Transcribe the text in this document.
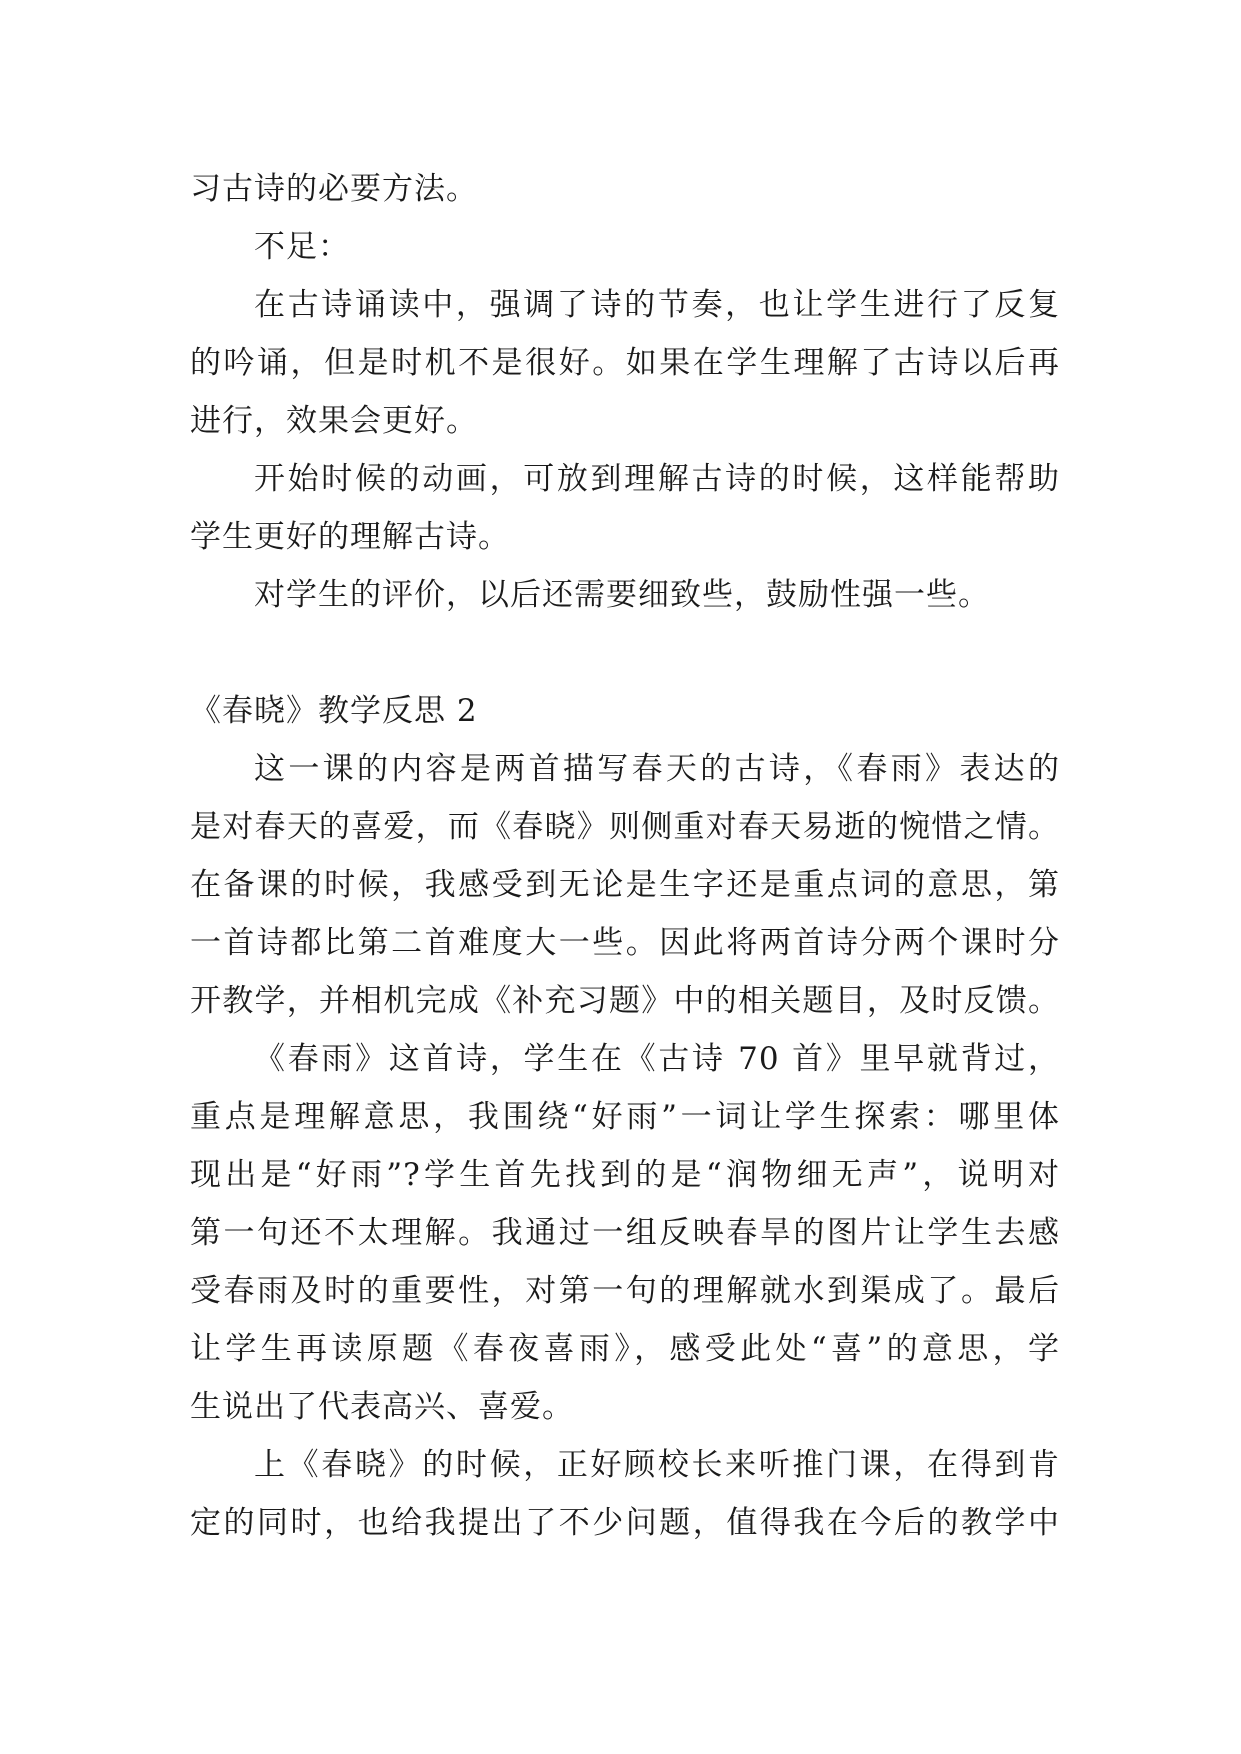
习古诗的必要方法。
不足：
在古诗诵读中，强调了诗的节奏，也让学生进行了反复
的吟诵，但是时机不是很好。如果在学生理解了古诗以后再
进行，效果会更好。
开始时候的动画，可放到理解古诗的时候，这样能帮助
学生更好的理解古诗。
对学生的评价，以后还需要细致些，鼓励性强一些。
《春晓》教学反思 2
这一课的内容是两首描写春天的古诗，《春雨》表达的
是对春天的喜爱，而《春晓》则侧重对春天易逝的惋惜之情。
在备课的时候，我感受到无论是生字还是重点词的意思，第
一首诗都比第二首难度大一些。因此将两首诗分两个课时分
开教学，并相机完成《补充习题》中的相关题目，及时反馈。
《春雨》这首诗，学生在《古诗 70 首》里早就背过，
重点是理解意思，我围绕“好雨”一词让学生探索：哪里体
现出是“好雨”?学生首先找到的是“润物细无声”，说明对
第一句还不太理解。我通过一组反映春旱的图片让学生去感
受春雨及时的重要性，对第一句的理解就水到渠成了。最后
让学生再读原题《春夜喜雨》，感受此处“喜”的意思，学
生说出了代表高兴、喜爱。
上《春晓》的时候，正好顾校长来听推门课，在得到肯
定的同时，也给我提出了不少问题，值得我在今后的教学中
